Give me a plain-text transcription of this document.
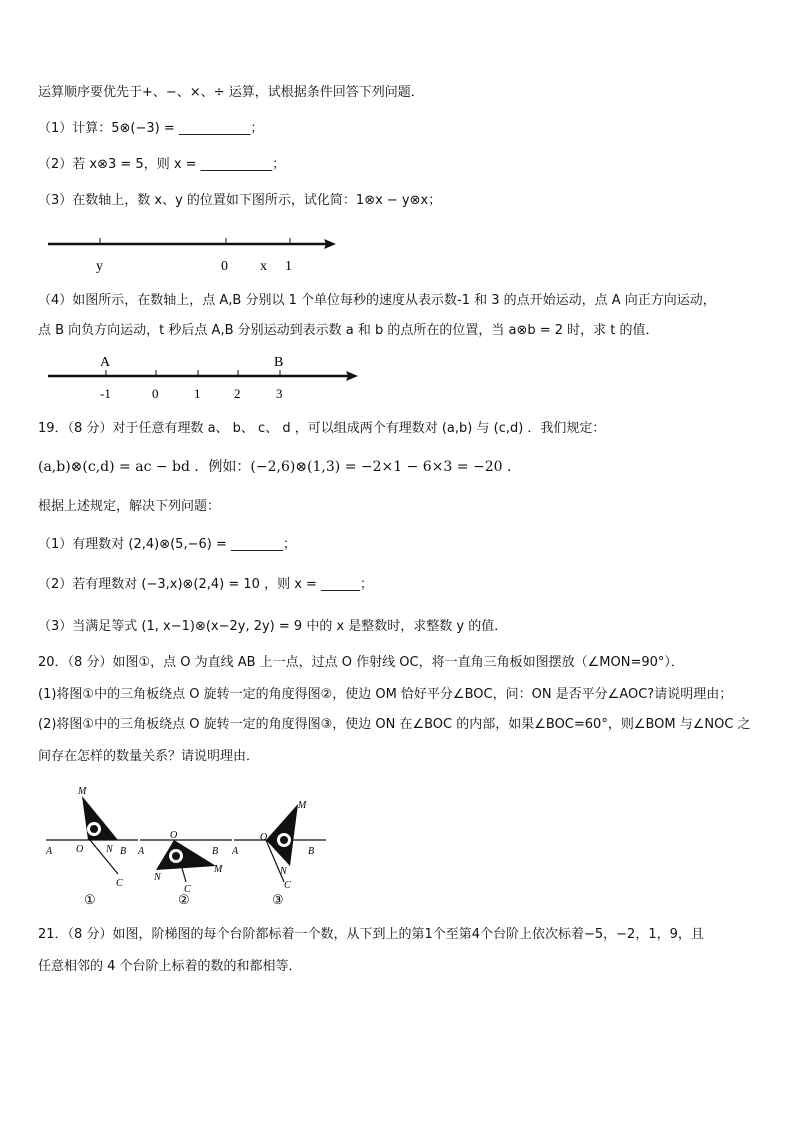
运算顺序要优先于+、−、×、÷ 运算，试根据条件回答下列问题．
（1）计算：5⊗(−3) = ___________；
（2）若 x⊗3 = 5，则 x = ___________；
（3）在数轴上，数 x、y 的位置如下图所示，试化简：1⊗x − y⊗x；
y	0 x 1
（4）如图所示，在数轴上，点 A,B 分别以 1 个单位每秒的速度从表示数-1 和 3 的点开始运动，点 A 向正方向运动，
点 B 向负方向运动，t 秒后点 A,B 分别运动到表示数 a 和 b 的点所在的位置，当 a⊗b = 2 时，求 t 的值．
A	B
-1	0	1	2	3
19．（8 分）对于任意有理数 a、 b、 c、 d ，可以组成两个有理数对 (a,b) 与 (c,d) ．我们规定：
(a,b)⊗(c,d) = ac − bd ．例如：(−2,6)⊗(1,3) = −2×1 − 6×3 = −20 ．
根据上述规定，解决下列问题：
（1）有理数对 (2,4)⊗(5,−6) = ________；
（2）若有理数对 (−3,x)⊗(2,4) = 10 ，则 x = ______；
（3）当满足等式 (1, x−1)⊗(x−2y, 2y) = 9 中的 x 是整数时，求整数 y 的值．
20．（8 分）如图①，点 O 为直线 AB 上一点，过点 O 作射线 OC，将一直角三角板如图摆放（∠MON=90°）．
(1)将图①中的三角板绕点 O 旋转一定的角度得图②，使边 OM 恰好平分∠BOC，问：ON 是否平分∠AOC?请说明理由；
(2)将图①中的三角板绕点 O 旋转一定的角度得图③，使边 ON 在∠BOC 的内部，如果∠BOC=60°，则∠BOM 与∠NOC 之
间存在怎样的数量关系？请说明理由．
M
A O N B
C
①
O
A	B
N
C
M
②
M
O
A	B
N
C
③
21．（8 分）如图，阶梯图的每个台阶都标着一个数，从下到上的第1个至第4个台阶上依次标着−5，−2，1，9，且
任意相邻的 4 个台阶上标着的数的和都相等．
